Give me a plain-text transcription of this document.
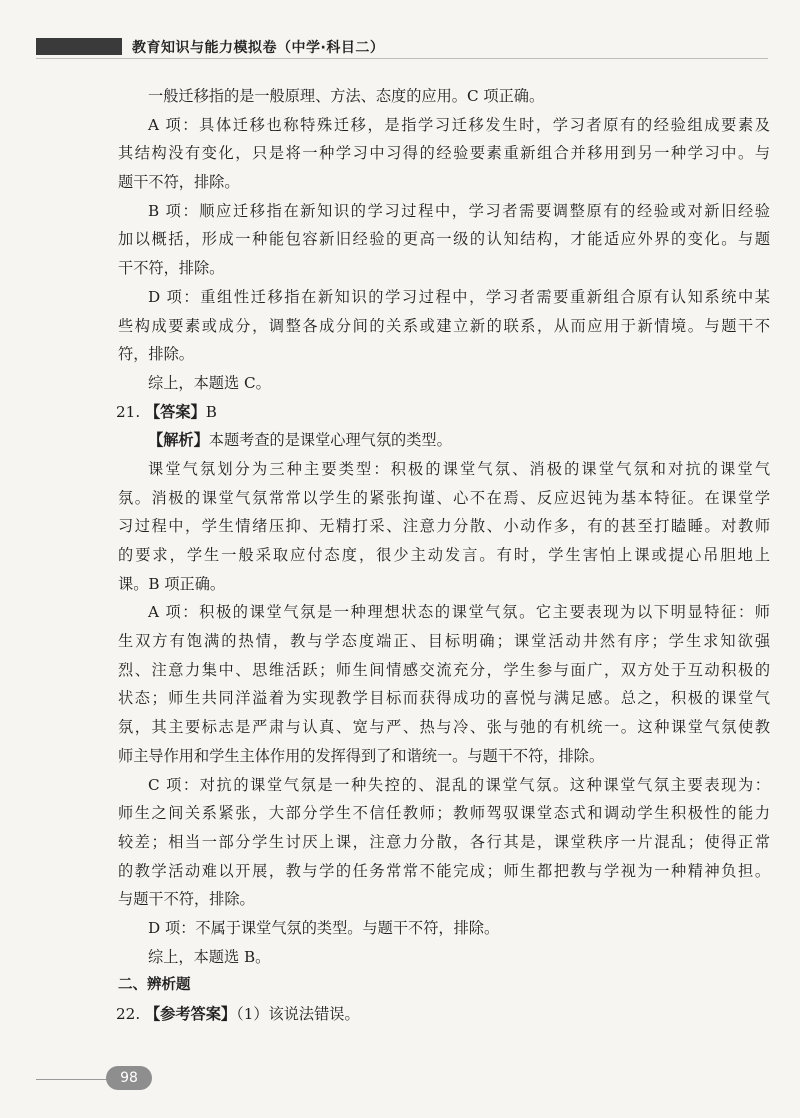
教育知识与能力模拟卷（中学·科目二）
一般迁移指的是一般原理、方法、态度的应用。C 项正确。
A 项：具体迁移也称特殊迁移，是指学习迁移发生时，学习者原有的经验组成要素及
其结构没有变化，只是将一种学习中习得的经验要素重新组合并移用到另一种学习中。与
题干不符，排除。
B 项：顺应迁移指在新知识的学习过程中，学习者需要调整原有的经验或对新旧经验
加以概括，形成一种能包容新旧经验的更高一级的认知结构，才能适应外界的变化。与题
干不符，排除。
D 项：重组性迁移指在新知识的学习过程中，学习者需要重新组合原有认知系统中某
些构成要素或成分，调整各成分间的关系或建立新的联系，从而应用于新情境。与题干不
符，排除。
综上，本题选 C。
21. 【答案】B
【解析】本题考查的是课堂心理气氛的类型。
课堂气氛划分为三种主要类型：积极的课堂气氛、消极的课堂气氛和对抗的课堂气
氛。消极的课堂气氛常常以学生的紧张拘谨、心不在焉、反应迟钝为基本特征。在课堂学
习过程中，学生情绪压抑、无精打采、注意力分散、小动作多，有的甚至打瞌睡。对教师
的要求，学生一般采取应付态度，很少主动发言。有时，学生害怕上课或提心吊胆地上
课。B 项正确。
A 项：积极的课堂气氛是一种理想状态的课堂气氛。它主要表现为以下明显特征：师
生双方有饱满的热情，教与学态度端正、目标明确；课堂活动井然有序；学生求知欲强
烈、注意力集中、思维活跃；师生间情感交流充分，学生参与面广，双方处于互动积极的
状态；师生共同洋溢着为实现教学目标而获得成功的喜悦与满足感。总之，积极的课堂气
氛，其主要标志是严肃与认真、宽与严、热与冷、张与弛的有机统一。这种课堂气氛使教
师主导作用和学生主体作用的发挥得到了和谐统一。与题干不符，排除。
C 项：对抗的课堂气氛是一种失控的、混乱的课堂气氛。这种课堂气氛主要表现为：
师生之间关系紧张，大部分学生不信任教师；教师驾驭课堂态式和调动学生积极性的能力
较差；相当一部分学生讨厌上课，注意力分散，各行其是，课堂秩序一片混乱；使得正常
的教学活动难以开展，教与学的任务常常不能完成；师生都把教与学视为一种精神负担。
与题干不符，排除。
D 项：不属于课堂气氛的类型。与题干不符，排除。
综上，本题选 B。
二、辨析题
22. 【参考答案】（1）该说法错误。
98
